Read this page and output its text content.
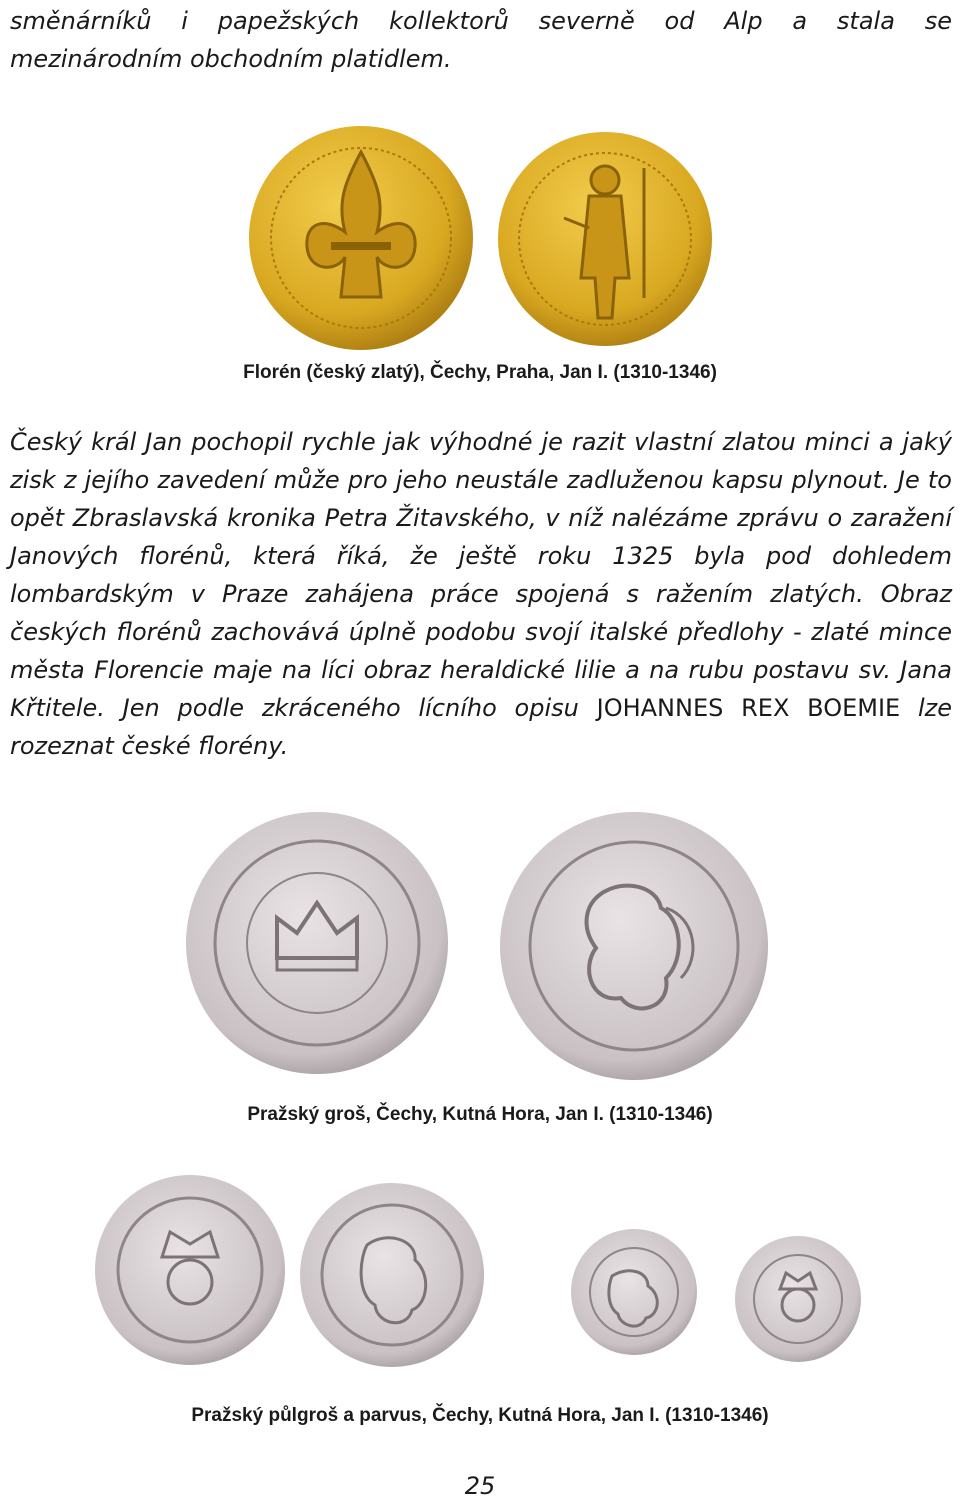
směnárníků i papežských kollektorů severně od Alp a stala se
mezinárodním obchodním platidlem.
Florén (český zlatý), Čechy, Praha, Jan I. (1310-1346)
Český král Jan pochopil rychle jak výhodné je razit vlastní zlatou minci a jaký zisk z jejího zavedení může pro jeho neustále zadluženou kapsu plynout. Je to opět Zbraslavská kronika Petra Žitavského, v níž nalézáme zprávu o zaražení Janových florénů, která říká, že ještě roku 1325 byla pod dohledem lombardským v Praze zahájena práce spojená s ražením zlatých. Obraz českých florénů zachovává úplně podobu svojí italské předlohy - zlaté mince města Florencie maje na líci obraz heraldické lilie a na rubu postavu sv. Jana Křtitele. Jen podle zkráceného lícního opisu JOHANNES REX BOEMIE lze rozeznat české florény.
Pražský groš, Čechy, Kutná Hora, Jan I. (1310-1346)
Pražský půlgroš a parvus, Čechy, Kutná Hora, Jan I. (1310-1346)
25
